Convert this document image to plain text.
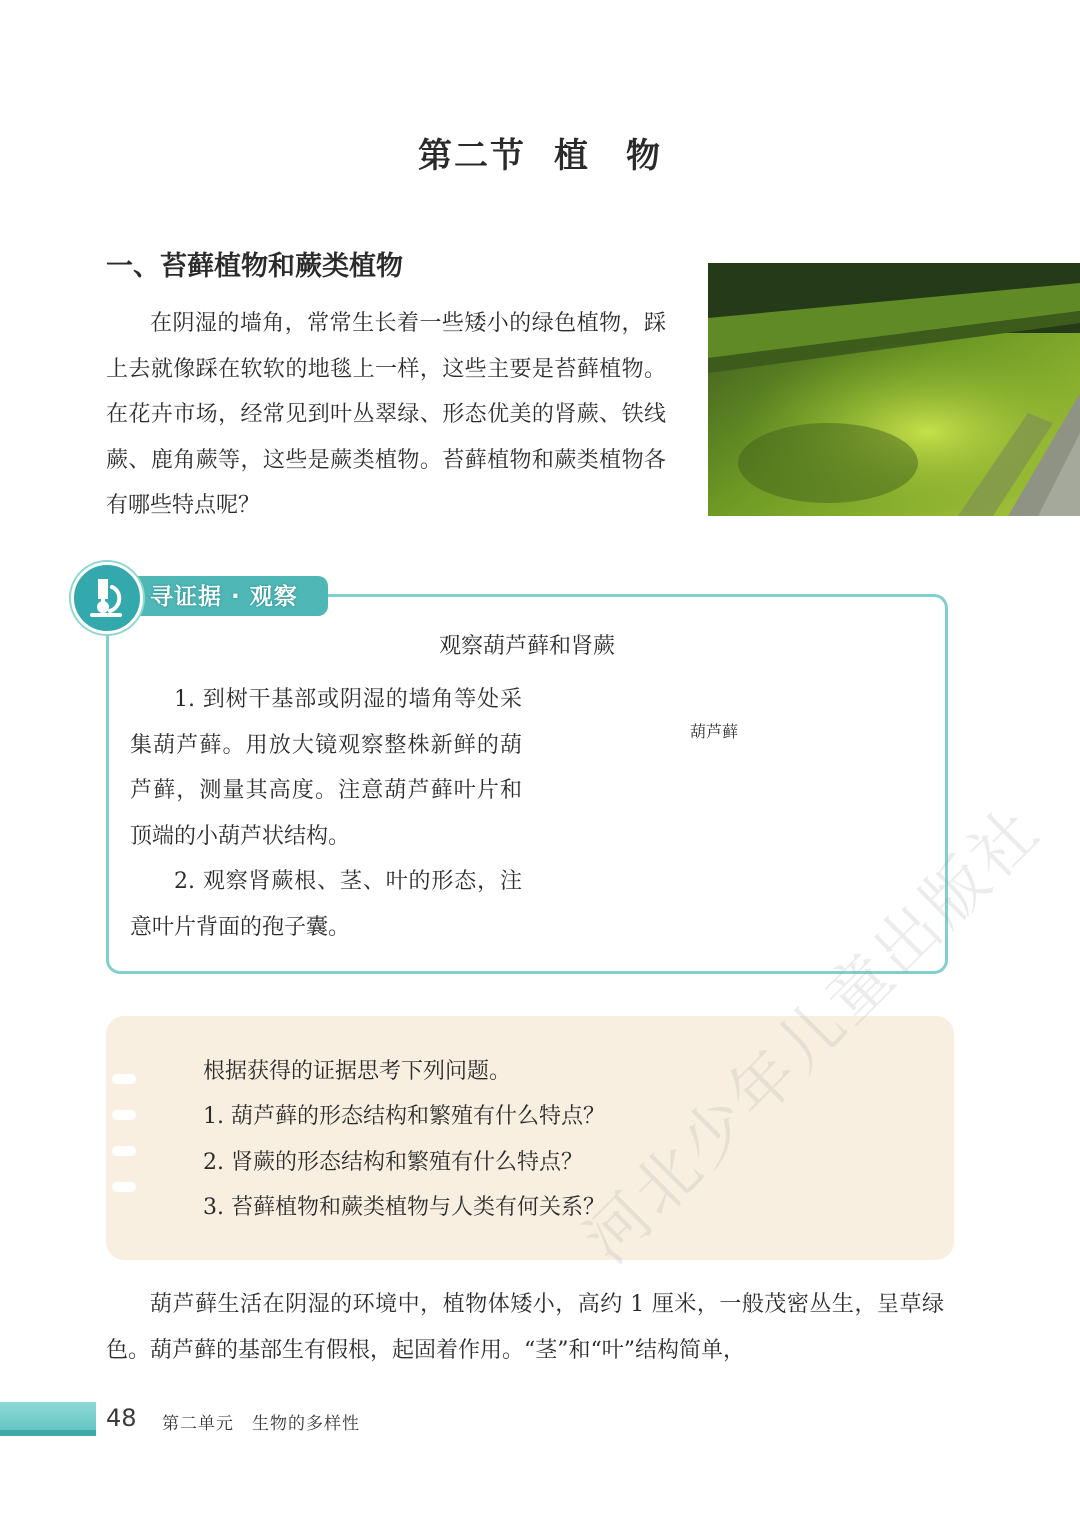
第二节 植　物
一、苔藓植物和蕨类植物
在阴湿的墙角，常常生长着一些矮小的绿色植物，踩上去就像踩在软软的地毯上一样，这些主要是苔藓植物。在花卉市场，经常见到叶丛翠绿、形态优美的肾蕨、铁线蕨、鹿角蕨等，这些是蕨类植物。苔藓植物和蕨类植物各有哪些特点呢？
寻证据 · 观察
观察葫芦藓和肾蕨
1. 到树干基部或阴湿的墙角等处采集葫芦藓。用放大镜观察整株新鲜的葫芦藓，测量其高度。注意葫芦藓叶片和顶端的小葫芦状结构。
2. 观察肾蕨根、茎、叶的形态，注意叶片背面的孢子囊。
葫芦藓
根据获得的证据思考下列问题。
1. 葫芦藓的形态结构和繁殖有什么特点？
2. 肾蕨的形态结构和繁殖有什么特点？
3. 苔藓植物和蕨类植物与人类有何关系？
葫芦藓生活在阴湿的环境中，植物体矮小，高约 1 厘米，一般茂密丛生，呈草绿色。葫芦藓的基部生有假根，起固着作用。“茎”和“叶”结构简单，
河北少年儿童出版社
48 第二单元　生物的多样性
